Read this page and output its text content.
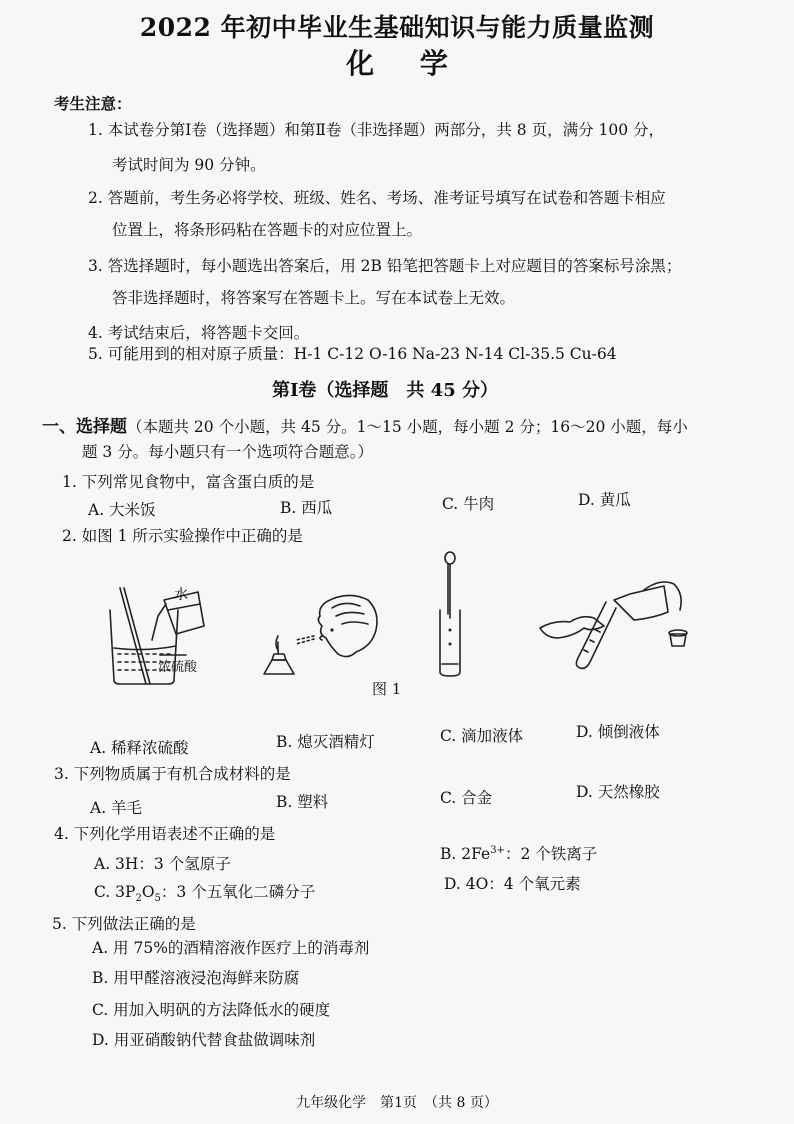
2022 年初中毕业生基础知识与能力质量监测
化 学
考生注意：
1. 本试卷分第Ⅰ卷（选择题）和第Ⅱ卷（非选择题）两部分，共 8 页，满分 100 分，
考试时间为 90 分钟。
2. 答题前，考生务必将学校、班级、姓名、考场、准考证号填写在试卷和答题卡相应
位置上，将条形码粘在答题卡的对应位置上。
3. 答选择题时，每小题选出答案后，用 2B 铅笔把答题卡上对应题目的答案标号涂黑；
答非选择题时，将答案写在答题卡上。写在本试卷上无效。
4. 考试结束后，将答题卡交回。
5. 可能用到的相对原子质量：H-1 C-12 O-16 Na-23 N-14 Cl-35.5 Cu-64
第Ⅰ卷（选择题　共 45 分）
一、选择题（本题共 20 个小题，共 45 分。1～15 小题，每小题 2 分；16～20 小题，每小
题 3 分。每小题只有一个选项符合题意。）
1. 下列常见食物中，富含蛋白质的是
A. 大米饭	B. 西瓜	C. 牛肉	D. 黄瓜
2. 如图 1 所示实验操作中正确的是
水
浓硫酸
图 1
A. 稀释浓硫酸	B. 熄灭酒精灯	C. 滴加液体	D. 倾倒液体
3. 下列物质属于有机合成材料的是
A. 羊毛	B. 塑料	C. 合金	D. 天然橡胶
4. 下列化学用语表述不正确的是
A. 3H：3 个氢原子
B. $2Fe^{3+}$：2 个铁离子
C. $3P_2O_5$：3 个五氧化二磷分子	D. 4O：4 个氧元素
5. 下列做法正确的是
A. 用 75%的酒精溶液作医疗上的消毒剂
B. 用甲醛溶液浸泡海鲜来防腐
C. 用加入明矾的方法降低水的硬度
D. 用亚硝酸钠代替食盐做调味剂
九年级化学　第1页　（共 8 页）
